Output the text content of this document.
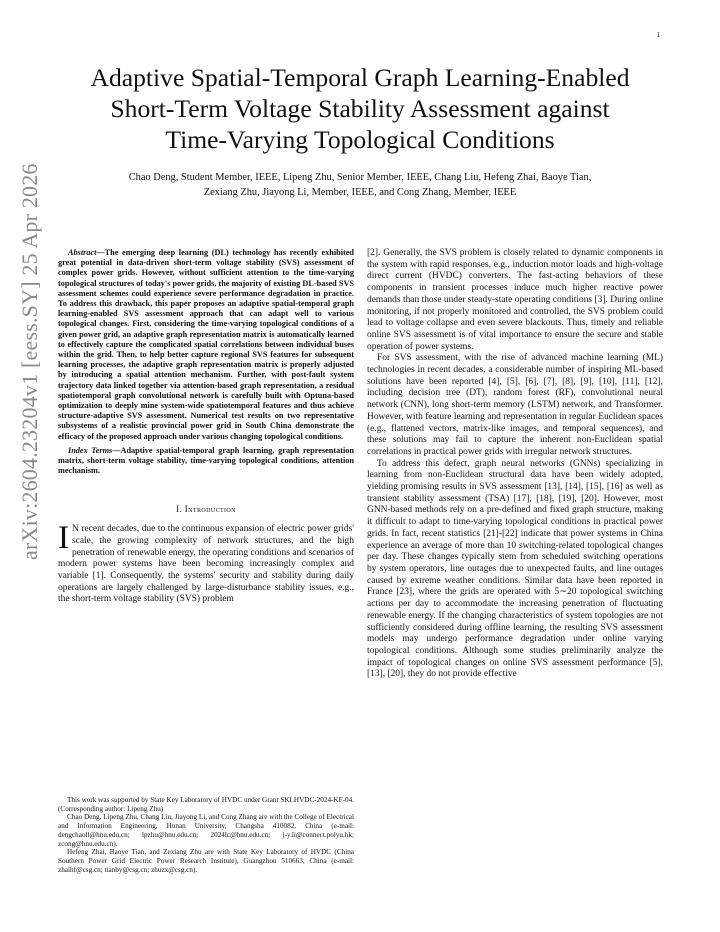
1
arXiv:2604.23204v1 [eess.SY] 25 Apr 2026
Adaptive Spatial-Temporal Graph Learning-Enabled
Short-Term Voltage Stability Assessment against
Time-Varying Topological Conditions
Chao Deng, Student Member, IEEE, Lipeng Zhu, Senior Member, IEEE, Chang Liu, Hefeng Zhai, Baoye Tian,
Zexiang Zhu, Jiayong Li, Member, IEEE, and Cong Zhang, Member, IEEE

Abstract—The emerging deep learning (DL) technology has recently exhibited great potential in data-driven short-term voltage stability (SVS) assessment of complex power grids. However, without sufficient attention to the time-varying topological structures of today's power grids, the majority of existing DL-based SVS assessment schemes could experience severe performance degradation in practice. To address this drawback, this paper proposes an adaptive spatial-temporal graph learning-enabled SVS assessment approach that can adapt well to various topological changes. First, considering the time-varying topological conditions of a given power grid, an adaptive graph representation matrix is automatically learned to effectively capture the complicated spatial correlations between individual buses within the grid. Then, to help better capture regional SVS features for subsequent learning processes, the adaptive graph representation matrix is properly adjusted by introducing a spatial attention mechanism. Further, with post-fault system trajectory data linked together via attention-based graph representation, a residual spatiotemporal graph convolutional network is carefully built with Optuna-based optimization to deeply mine system-wide spatiotemporal features and thus achieve structure-adaptive SVS assessment. Numerical test results on two representative subsystems of a realistic provincial power grid in South China demonstrate the efficacy of the proposed approach under various changing topological conditions.

Index Terms—Adaptive spatial-temporal graph learning, graph representation matrix, short-term voltage stability, time-varying topological conditions, attention mechanism.

I. Introduction

I N recent decades, due to the continuous expansion of electric power grids' scale, the growing complexity of network structures, and the high penetration of renewable energy, the operating conditions and scenarios of modern power systems have been becoming increasingly complex and variable [1]. Consequently, the systems' security and stability during daily operations are largely challenged by large-disturbance stability issues, e.g., the short-term voltage stability (SVS) problem

This work was supported by State Key Laboratory of HVDC under Grant SKLHVDC-2024-KF-04. (Corresponding author: Lipeng Zhu)

Chao Deng, Lipeng Zhu, Chang Liu, Jiayong Li, and Cong Zhang are with the College of Electrical and Information Engineering, Hunan University, Changsha 410082, China (e-mail: dengchaoll@hnu.edu.cn; lpzhu@hnu.edu.cn; 2024lc@hnu.edu.cn; j-y.li@connect.polyu.hk; zcong@hnu.edu.cn).

Hefeng Zhai, Baoye Tian, and Zexiang Zhu are with State Key Laboratory of HVDC (China Southern Power Grid Electric Power Research Institute), Guangzhou 510663, China (e-mail: zhaihf@csg.cn; tianby@csg.cn; zhuzx@csg.cn).

[2]. Generally, the SVS problem is closely related to dynamic components in the system with rapid responses, e.g., induction motor loads and high-voltage direct current (HVDC) converters. The fast-acting behaviors of these components in transient processes induce much higher reactive power demands than those under steady-state operating conditions [3]. During online monitoring, if not properly monitored and controlled, the SVS problem could lead to voltage collapse and even severe blackouts. Thus, timely and reliable online SVS assessment is of vital importance to ensure the secure and stable operation of power systems.

For SVS assessment, with the rise of advanced machine learning (ML) technologies in recent decades, a considerable number of inspiring ML-based solutions have been reported [4], [5], [6], [7], [8], [9], [10], [11], [12], including decision tree (DT), random forest (RF), convolutional neural network (CNN), long short-term memory (LSTM) network, and Transformer. However, with feature learning and representation in regular Euclidean spaces (e.g., flattened vectors, matrix-like images, and temporal sequences), and these solutions may fail to capture the inherent non-Euclidean spatial correlations in practical power grids with irregular network structures.

To address this defect, graph neural networks (GNNs) specializing in learning from non-Euclidean structural data have been widely adopted, yielding promising results in SVS assessment [13], [14], [15], [16] as well as transient stability assessment (TSA) [17], [18], [19], [20]. However, most GNN-based methods rely on a pre-defined and fixed graph structure, making it difficult to adapt to time-varying topological conditions in practical power grids. In fact, recent statistics [21]-[22] indicate that power systems in China experience an average of more than 10 switching-related topological changes per day. These changes typically stem from scheduled switching operations by system operators, line outages due to unexpected faults, and line outages caused by extreme weather conditions. Similar data have been reported in France [23], where the grids are operated with 5∼20 topological switching actions per day to accommodate the increasing penetration of fluctuating renewable energy. If the changing characteristics of system topologies are not sufficiently considered during offline learning, the resulting SVS assessment models may undergo performance degradation under online varying topological conditions. Although some studies preliminarily analyze the impact of topological changes on online SVS assessment performance [5], [13], [20], they do not provide effective
